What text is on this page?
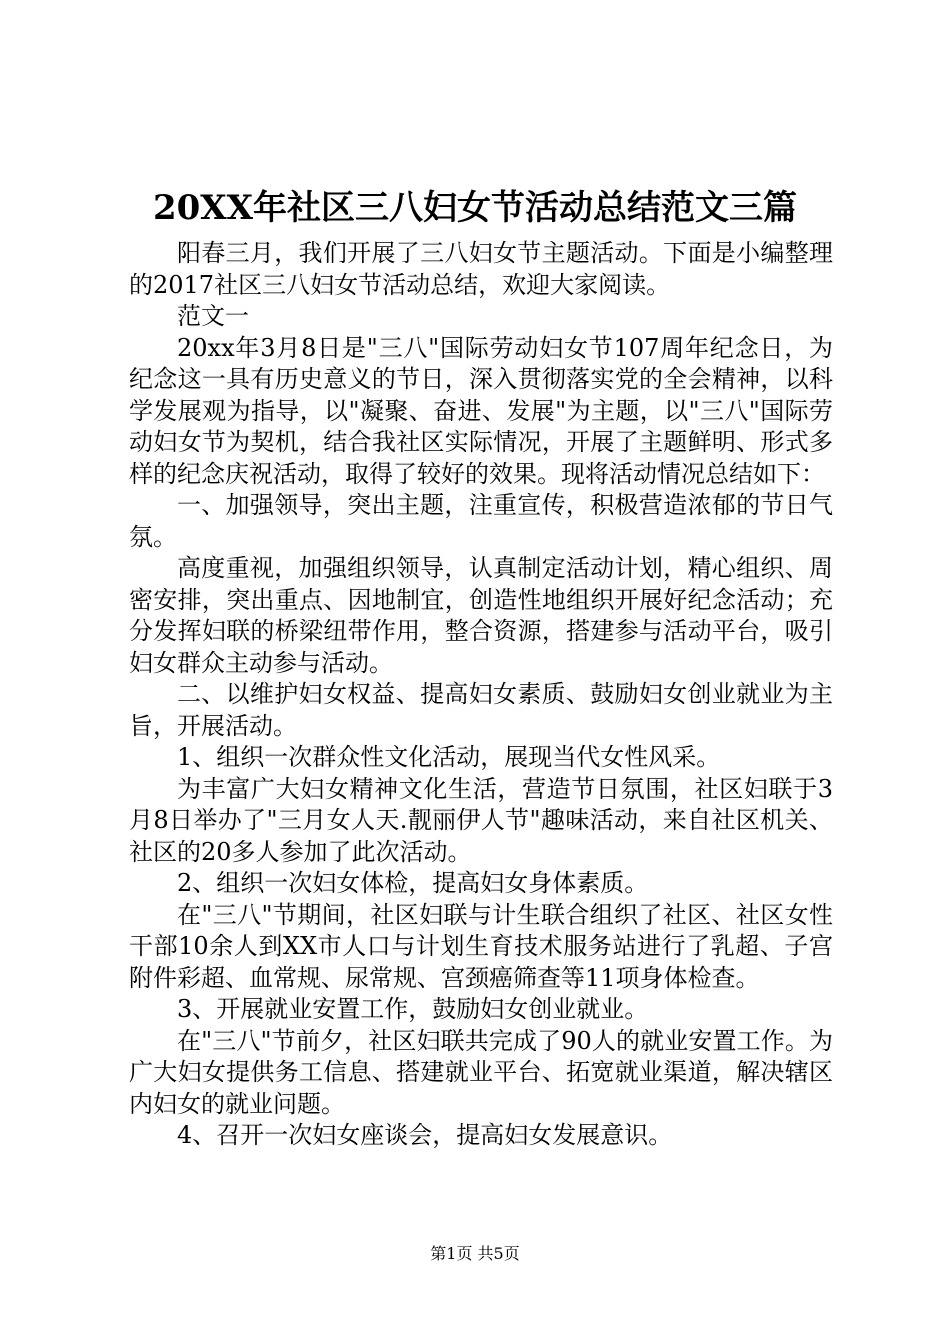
20XX年社区三八妇女节活动总结范文三篇

阳春三月，我们开展了三八妇女节主题活动。下面是小编整理的2017社区三八妇女节活动总结，欢迎大家阅读。

范文一

20xx年3月8日是"三八"国际劳动妇女节107周年纪念日，为纪念这一具有历史意义的节日，深入贯彻落实党的全会精神，以科学发展观为指导，以"凝聚、奋进、发展"为主题，以"三八"国际劳动妇女节为契机，结合我社区实际情况，开展了主题鲜明、形式多样的纪念庆祝活动，取得了较好的效果。现将活动情况总结如下：

一、加强领导，突出主题，注重宣传，积极营造浓郁的节日气氛。

高度重视，加强组织领导，认真制定活动计划，精心组织、周密安排，突出重点、因地制宜，创造性地组织开展好纪念活动；充分发挥妇联的桥梁纽带作用，整合资源，搭建参与活动平台，吸引妇女群众主动参与活动。

二、以维护妇女权益、提高妇女素质、鼓励妇女创业就业为主旨，开展活动。

1、组织一次群众性文化活动，展现当代女性风采。

为丰富广大妇女精神文化生活，营造节日氛围，社区妇联于3月8日举办了"三月女人天.靓丽伊人节"趣味活动，来自社区机关、社区的20多人参加了此次活动。

2、组织一次妇女体检，提高妇女身体素质。

在"三八"节期间，社区妇联与计生联合组织了社区、社区女性干部10余人到XX市人口与计划生育技术服务站进行了乳超、子宫附件彩超、血常规、尿常规、宫颈癌筛查等11项身体检查。

3、开展就业安置工作，鼓励妇女创业就业。

在"三八"节前夕，社区妇联共完成了90人的就业安置工作。为广大妇女提供务工信息、搭建就业平台、拓宽就业渠道，解决辖区内妇女的就业问题。

4、召开一次妇女座谈会，提高妇女发展意识。

第1页 共5页
